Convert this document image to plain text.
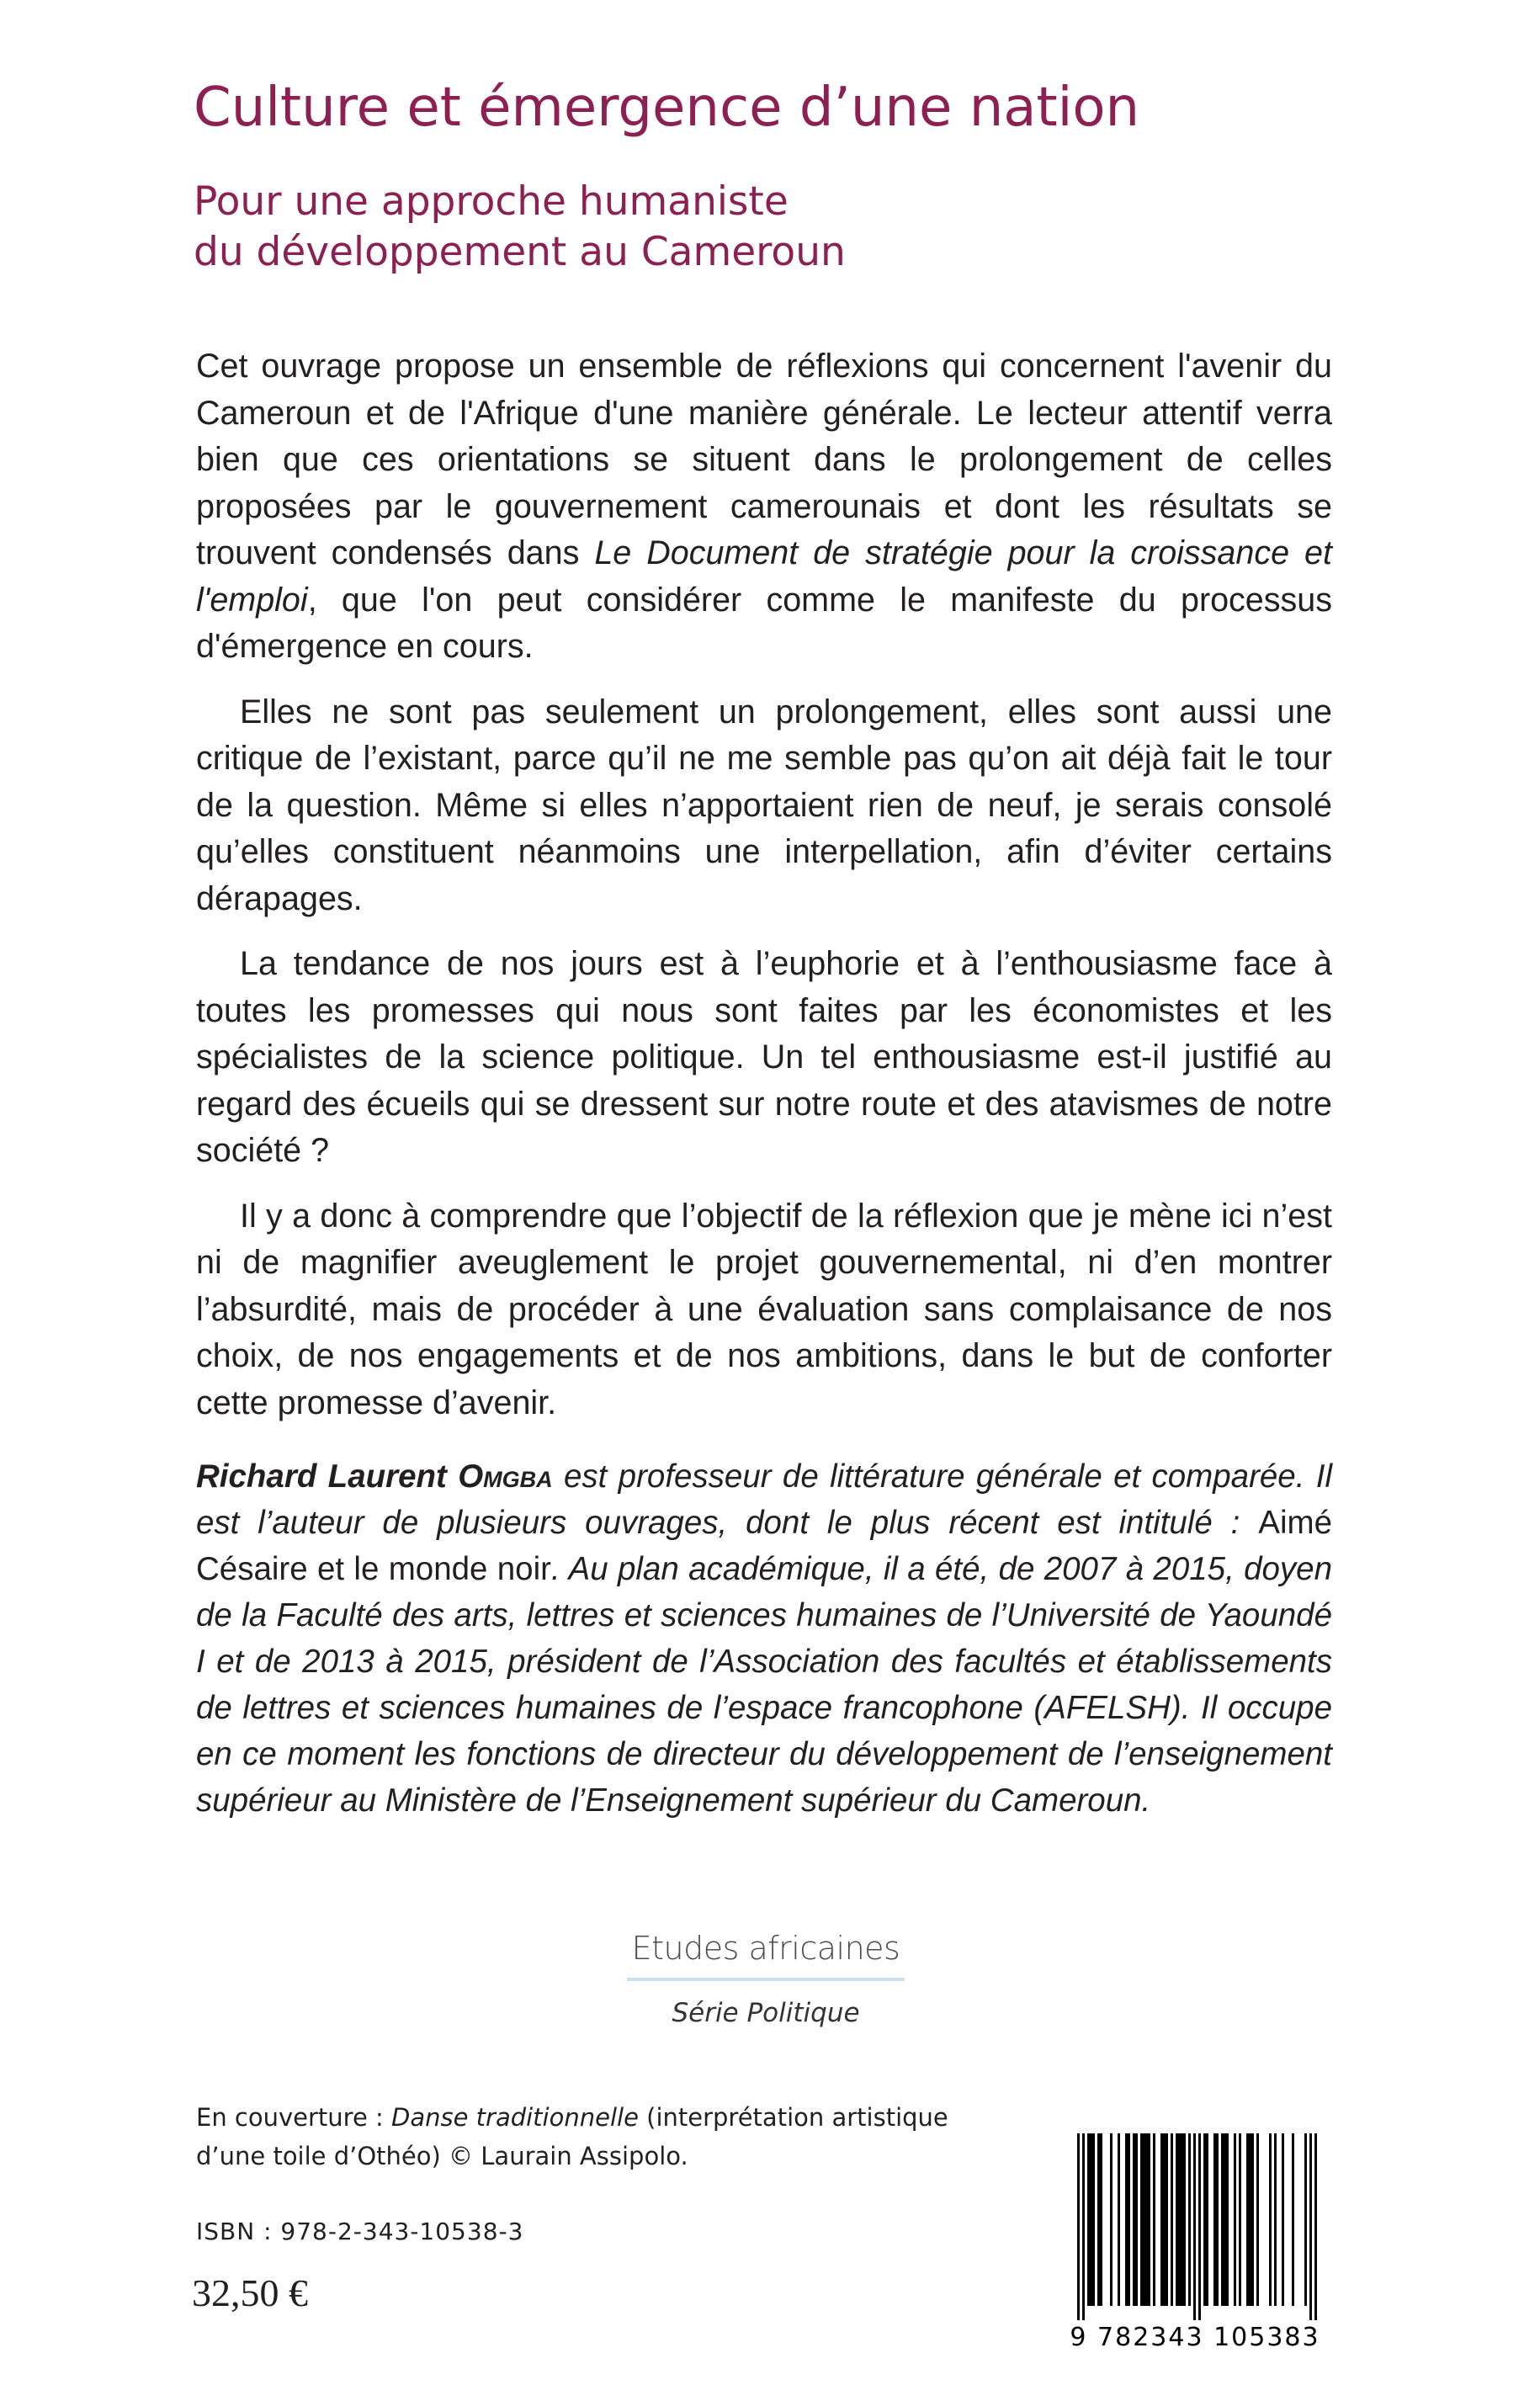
Culture et émergence d’une nation
Pour une approche humaniste
du développement au Cameroun

Cet ouvrage propose un ensemble de réflexions qui concernent l'avenir du Cameroun et de l'Afrique d'une manière générale. Le lecteur attentif verra bien que ces orientations se situent dans le prolongement de celles proposées par le gouvernement camerounais et dont les résultats se trouvent condensés dans Le Document de stratégie pour la croissance et l'emploi, que l'on peut considérer comme le manifeste du processus d'émergence en cours.

Elles ne sont pas seulement un prolongement, elles sont aussi une critique de l’existant, parce qu’il ne me semble pas qu’on ait déjà fait le tour de la question. Même si elles n’apportaient rien de neuf, je serais consolé qu’elles constituent néanmoins une interpellation, afin d’éviter certains dérapages.

La tendance de nos jours est à l’euphorie et à l’enthousiasme face à toutes les promesses qui nous sont faites par les économistes et les spécialistes de la science politique. Un tel enthousiasme est-il justifié au regard des écueils qui se dressent sur notre route et des atavismes de notre société ?

Il y a donc à comprendre que l’objectif de la réflexion que je mène ici n’est ni de magnifier aveuglement le projet gouvernemental, ni d’en montrer l’absurdité, mais de procéder à une évaluation sans complaisance de nos choix, de nos engagements et de nos ambitions, dans le but de conforter cette promesse d’avenir.

Richard Laurent Omgba est professeur de littérature générale et comparée. Il est l’auteur de plusieurs ouvrages, dont le plus récent est intitulé : Aimé Césaire et le monde noir. Au plan académique, il a été, de 2007 à 2015, doyen de la Faculté des arts, lettres et sciences humaines de l’Université de Yaoundé I et de 2013 à 2015, président de l’Association des facultés et établissements de lettres et sciences humaines de l’espace francophone (AFELSH). Il occupe en ce moment les fonctions de directeur du développement de l’enseignement supérieur au Ministère de l’Enseignement supérieur du Cameroun.

Etudes africaines
Série Politique

En couverture : Danse traditionnelle (interprétation artistique d’une toile d’Othéo) © Laurain Assipolo.

ISBN : 978-2-343-10538-3
32,50 €
9 782343 105383
